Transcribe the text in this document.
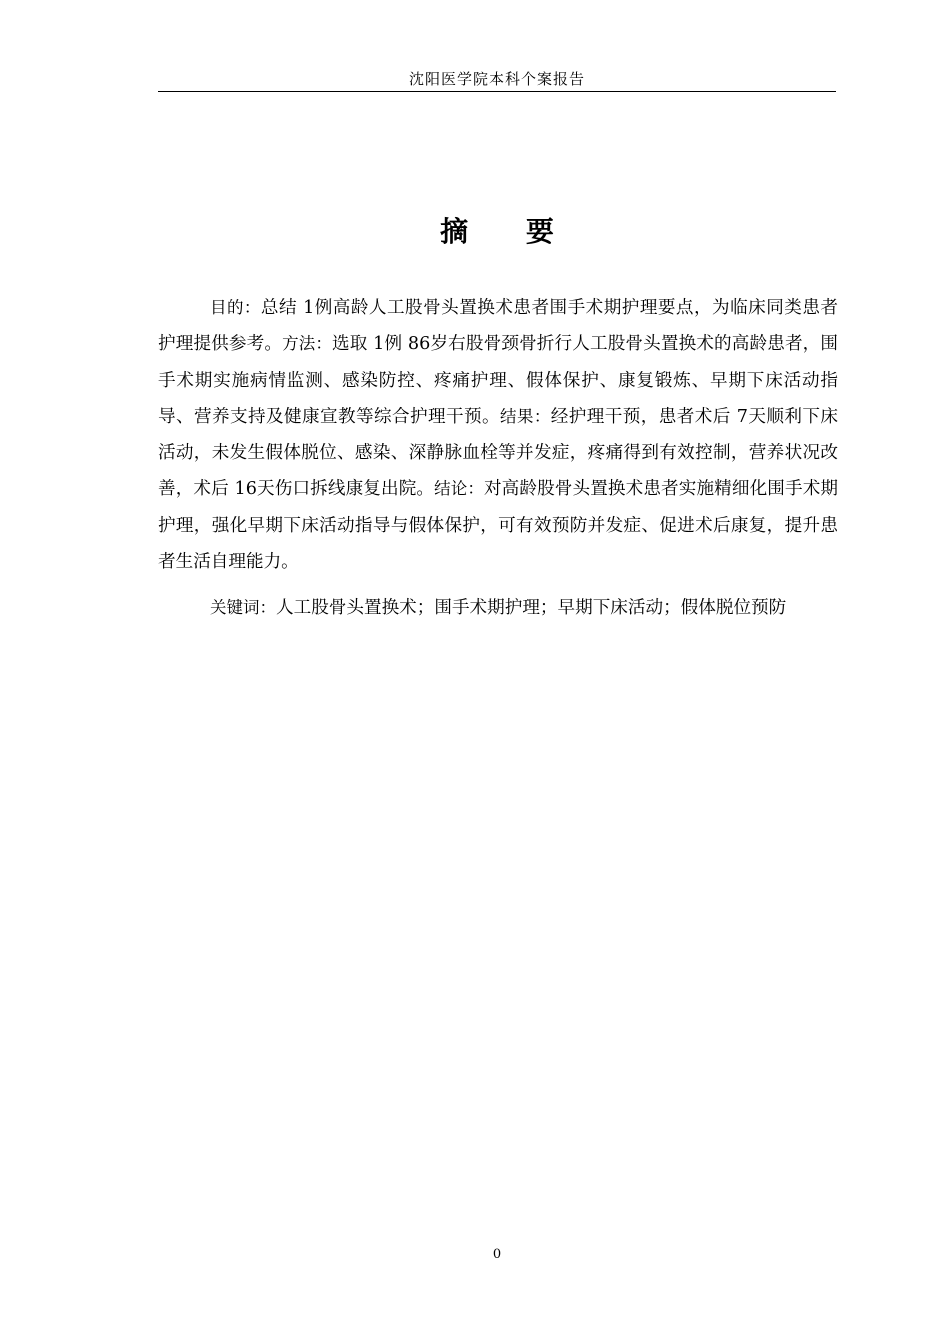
沈阳医学院本科个案报告
摘 要

目的：总结 1例高龄人工股骨头置换术患者围手术期护理要点，为临床同类患者护理提供参考。方法：选取 1例 86岁右股骨颈骨折行人工股骨头置换术的高龄患者，围手术期实施病情监测、感染防控、疼痛护理、假体保护、康复锻炼、早期下床活动指导、营养支持及健康宣教等综合护理干预。结果：经护理干预，患者术后 7天顺利下床活动，未发生假体脱位、感染、深静脉血栓等并发症，疼痛得到有效控制，营养状况改善，术后 16天伤口拆线康复出院。结论：对高龄股骨头置换术患者实施精细化围手术期护理，强化早期下床活动指导与假体保护，可有效预防并发症、促进术后康复，提升患者生活自理能力。

关键词：人工股骨头置换术；围手术期护理；早期下床活动；假体脱位预防

0
